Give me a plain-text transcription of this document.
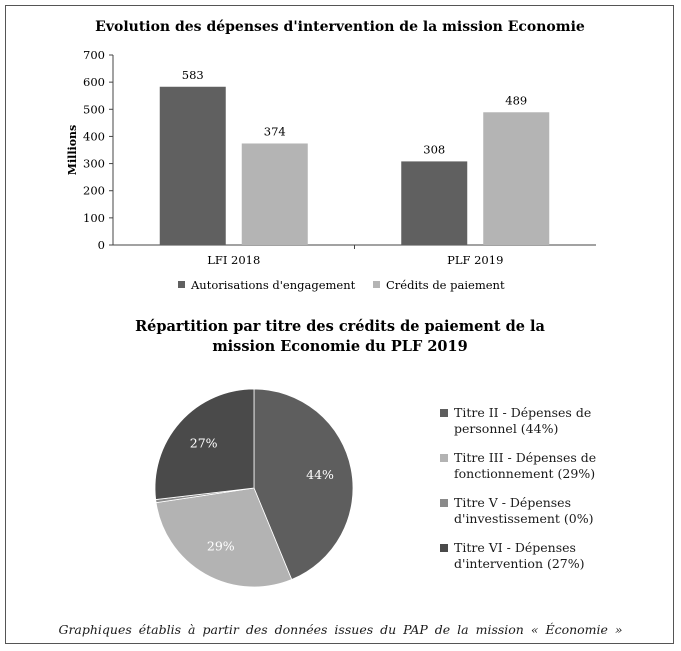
Evolution des dépenses d'intervention de la mission Economie
Millions
0
100
200
300
400
500
600
700
LFI 2018
583
374
PLF 2019
308
489
Autorisations d'engagement	Crédits de paiement
Répartition par titre des crédits de paiement de la
mission Economie du PLF 2019
44%
29%
27%
Titre II - Dépenses de personnel (44%)
Titre III - Dépenses de fonctionnement (29%)
Titre V - Dépenses d'investissement (0%)
Titre VI - Dépenses d'intervention (27%)
Graphiques établis à partir des données issues du PAP de la mission « Économie »
